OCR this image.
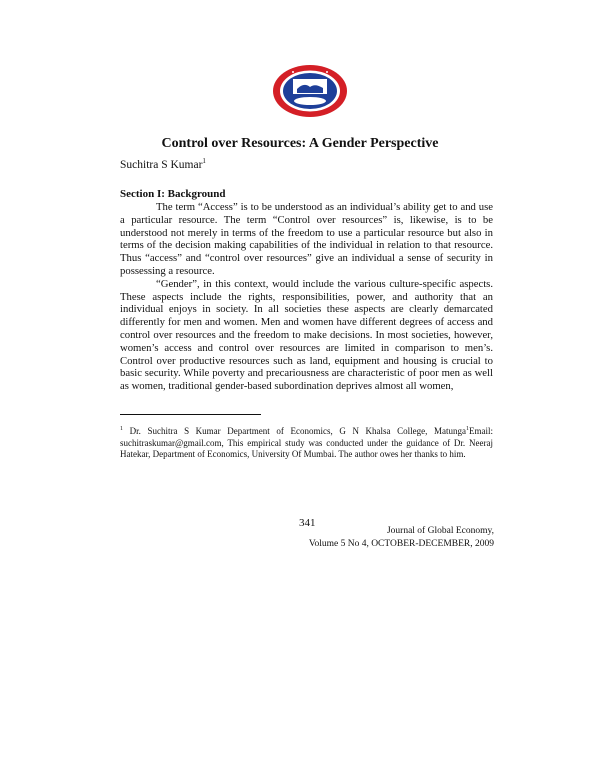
Control over Resources: A Gender Perspective
Suchitra S Kumar$^1$
Section I: Background

The term “Access” is to be understood as an individual’s ability get to and use a particular resource. The term “Control over resources” is, likewise, is to be understood not merely in terms of the freedom to use a particular resource but also in terms of the decision making capabilities of the individual in relation to that resource. Thus “access” and “control over resources” give an individual a sense of security in possessing a resource.

“Gender”, in this context, would include the various culture-specific aspects. These aspects include the rights, responsibilities, power, and authority that an individual enjoys in society. In all societies these aspects are clearly demarcated differently for men and women. Men and women have different degrees of access and control over resources and the freedom to make decisions. In most societies, however, women’s access and control over resources are limited in comparison to men’s. Control over productive resources such as land, equipment and housing is crucial to basic security. While poverty and precariousness are characteristic of poor men as well as women, traditional gender-based subordination deprives almost all women,

$^1$ Dr. Suchitra S Kumar Department of Economics, G N Khalsa College, Matunga$^1$Email: suchitraskumar@gmail.com, This empirical study was conducted under the guidance of Dr. Neeraj Hatekar, Department of Economics, University Of Mumbai. The author owes her thanks to him.
341
Journal of Global Economy,
Volume 5 No 4, OCTOBER-DECEMBER, 2009
